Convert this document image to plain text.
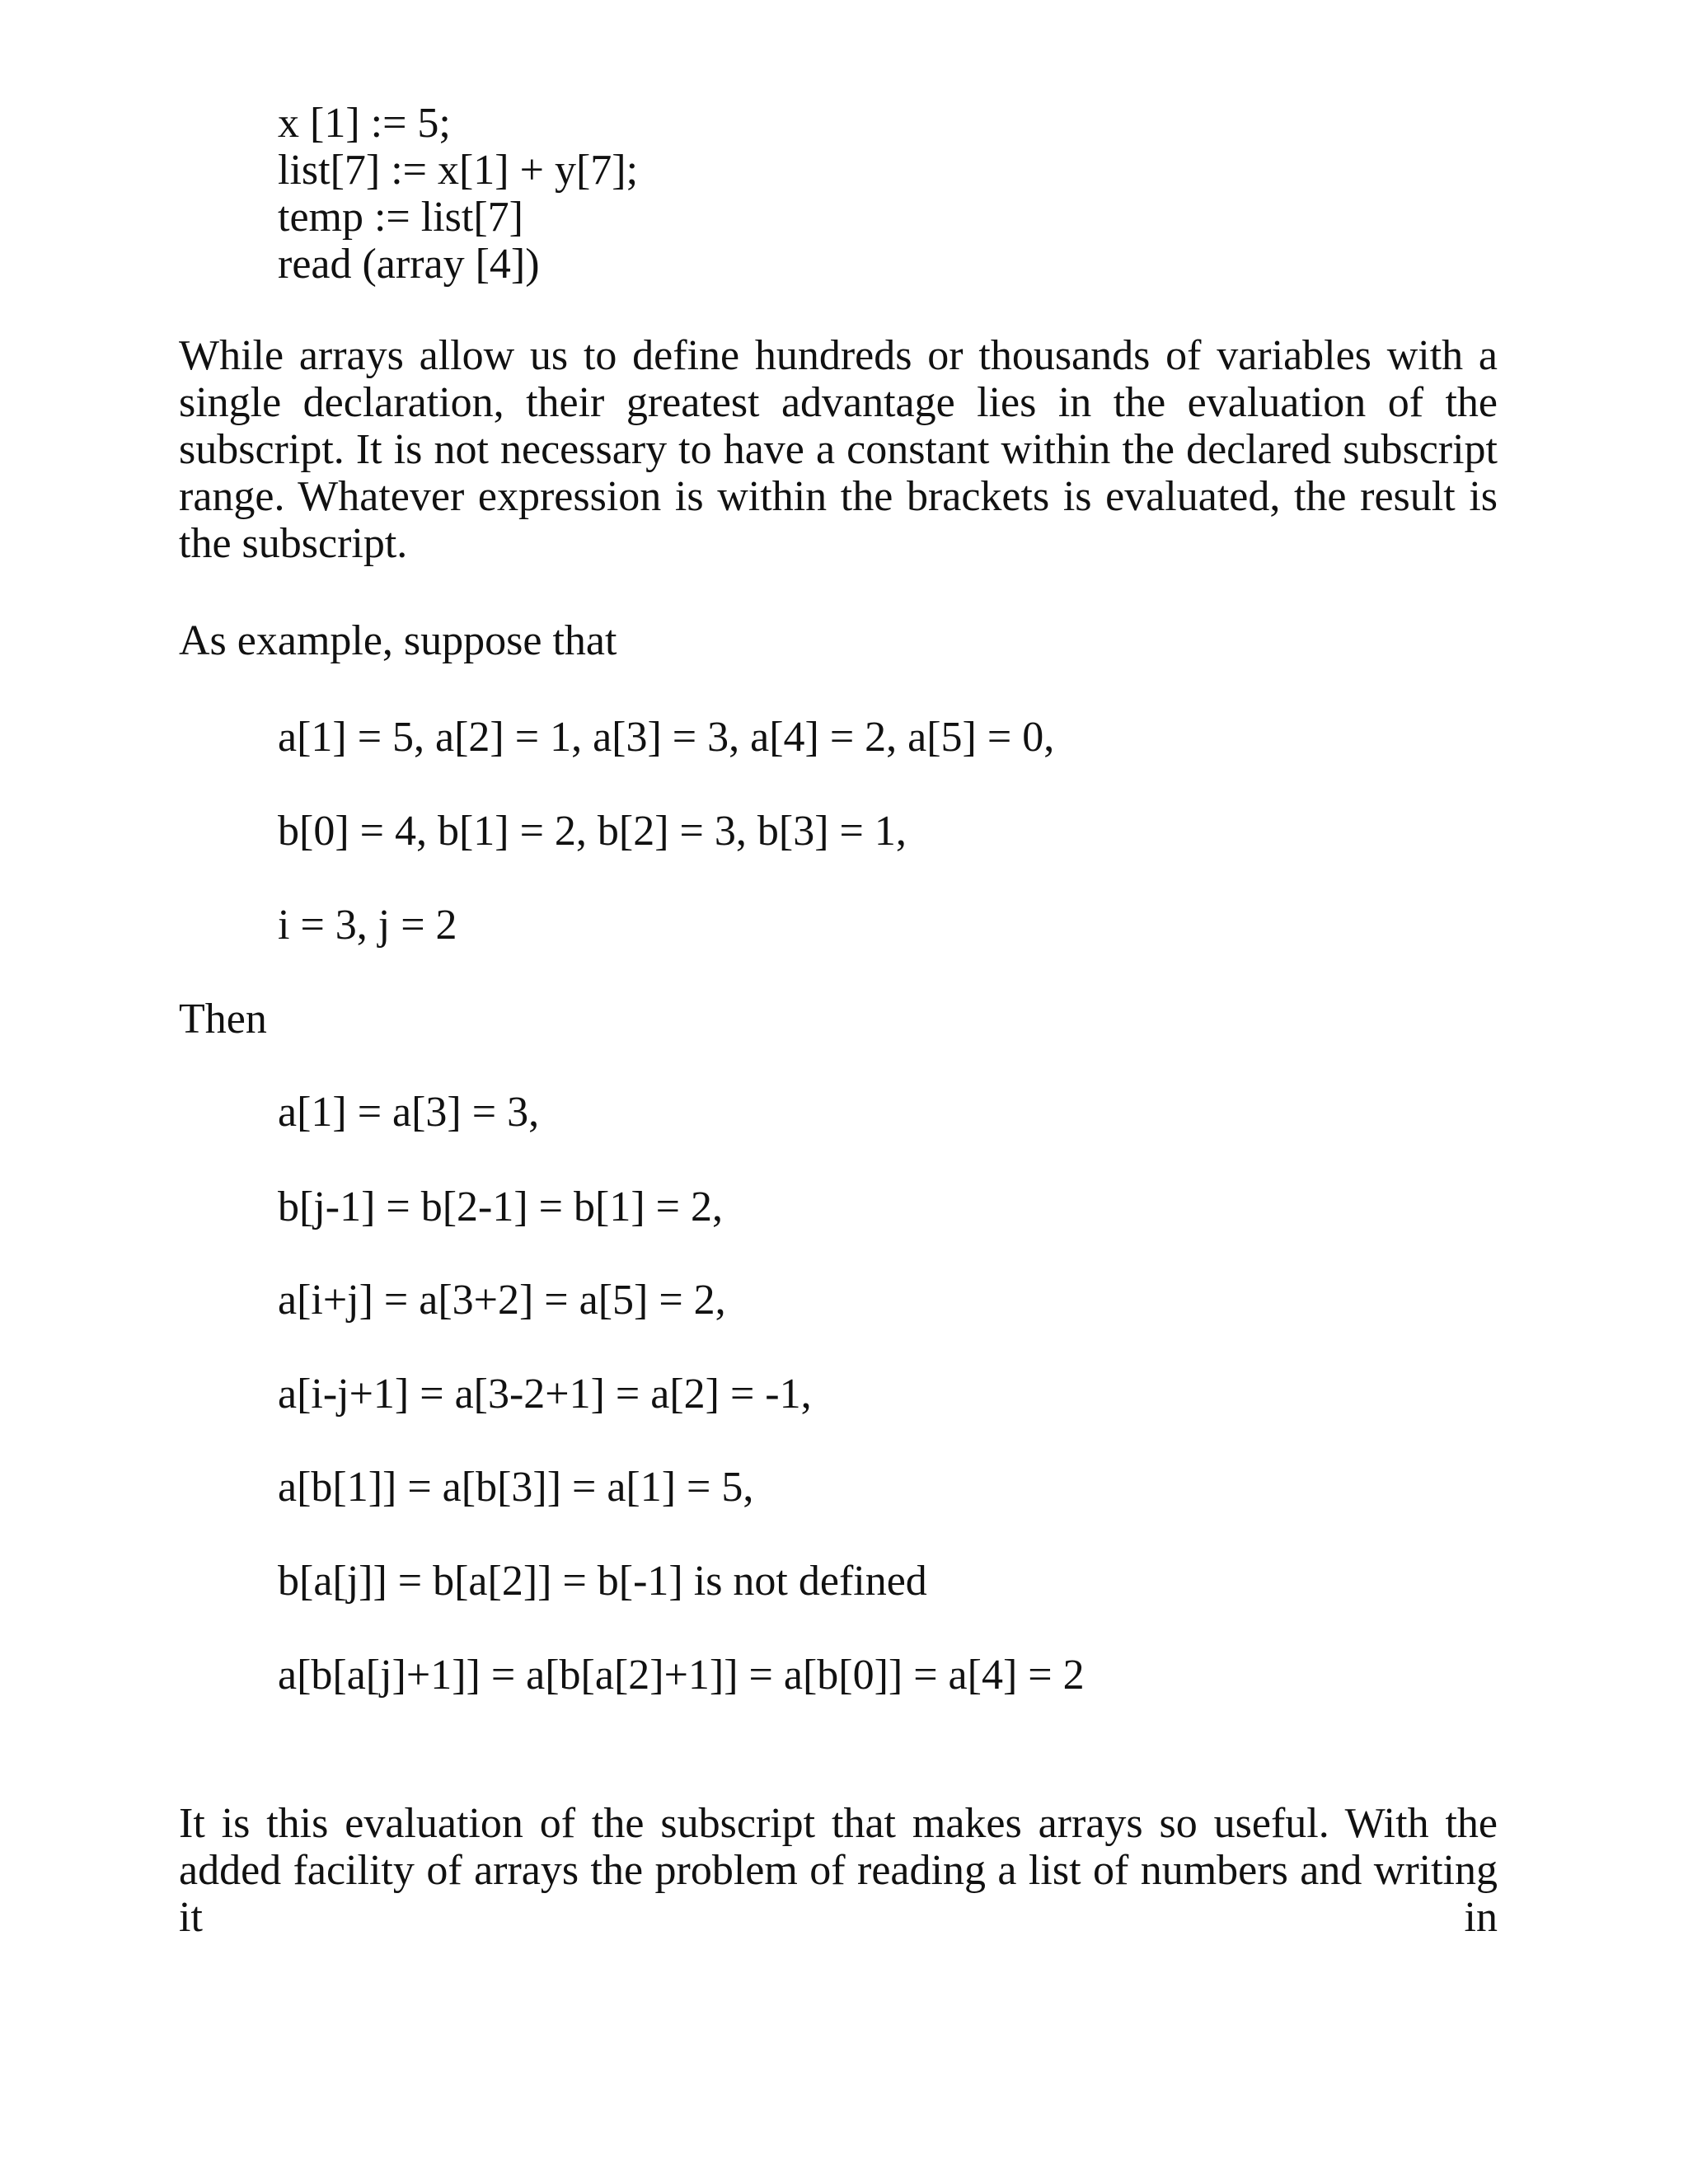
x [1] := 5;
list[7] := x[1] + y[7];
temp := list[7]
read (array [4])
While arrays allow us to define hundreds or thousands of variables with a single declaration, their greatest advantage lies in the evaluation of the subscript. It is not necessary to have a constant within the declared subscript range. Whatever expression is within the brackets is evaluated, the result is the subscript.
As example, suppose that
a[1] = 5, a[2] = 1, a[3] = 3, a[4] = 2, a[5] = 0,
b[0] = 4, b[1] = 2, b[2] = 3, b[3] = 1,
i = 3, j = 2
Then
a[1] = a[3] = 3,
b[j-1] = b[2-1] = b[1] = 2,
a[i+j] = a[3+2] = a[5] = 2,
a[i-j+1] = a[3-2+1] = a[2] = -1,
a[b[1]] = a[b[3]] = a[1] = 5,
b[a[j]] = b[a[2]] = b[-1] is not defined
a[b[a[j]+1]] = a[b[a[2]+1]] = a[b[0]] = a[4] = 2
It is this evaluation of the subscript that makes arrays so useful. With the added facility of arrays the problem of reading a list of numbers and writing it in
